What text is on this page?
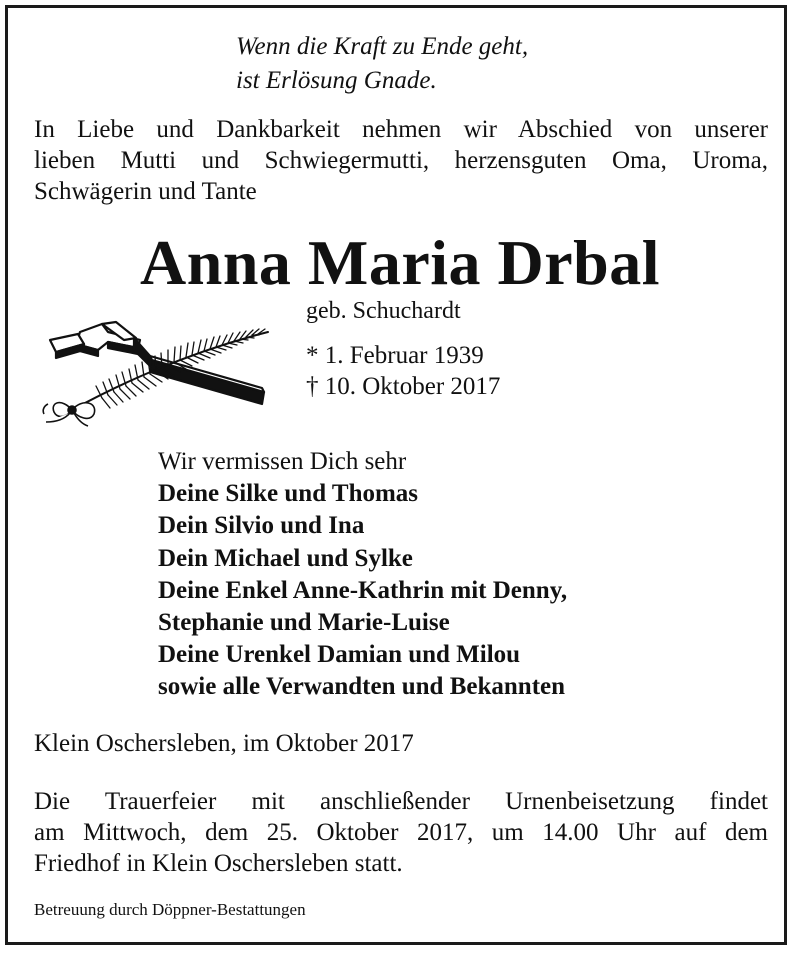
Wenn die Kraft zu Ende geht,
ist Erlösung Gnade.
In Liebe und Dankbarkeit nehmen wir Abschied von unserer
lieben Mutti und Schwiegermutti, herzensguten Oma, Uroma,
Schwägerin und Tante
Anna Maria Drbal
geb. Schuchardt
* 1. Februar 1939
† 10. Oktober 2017
Wir vermissen Dich sehr
Deine Silke und Thomas
Dein Silvio und Ina
Dein Michael und Sylke
Deine Enkel Anne-Kathrin mit Denny,
Stephanie und Marie-Luise
Deine Urenkel Damian und Milou
sowie alle Verwandten und Bekannten
Klein Oschersleben, im Oktober 2017
Die Trauerfeier mit anschließender Urnenbeisetzung findet
am Mittwoch, dem 25. Oktober 2017, um 14.00 Uhr auf dem
Friedhof in Klein Oschersleben statt.
Betreuung durch Döppner-Bestattungen
